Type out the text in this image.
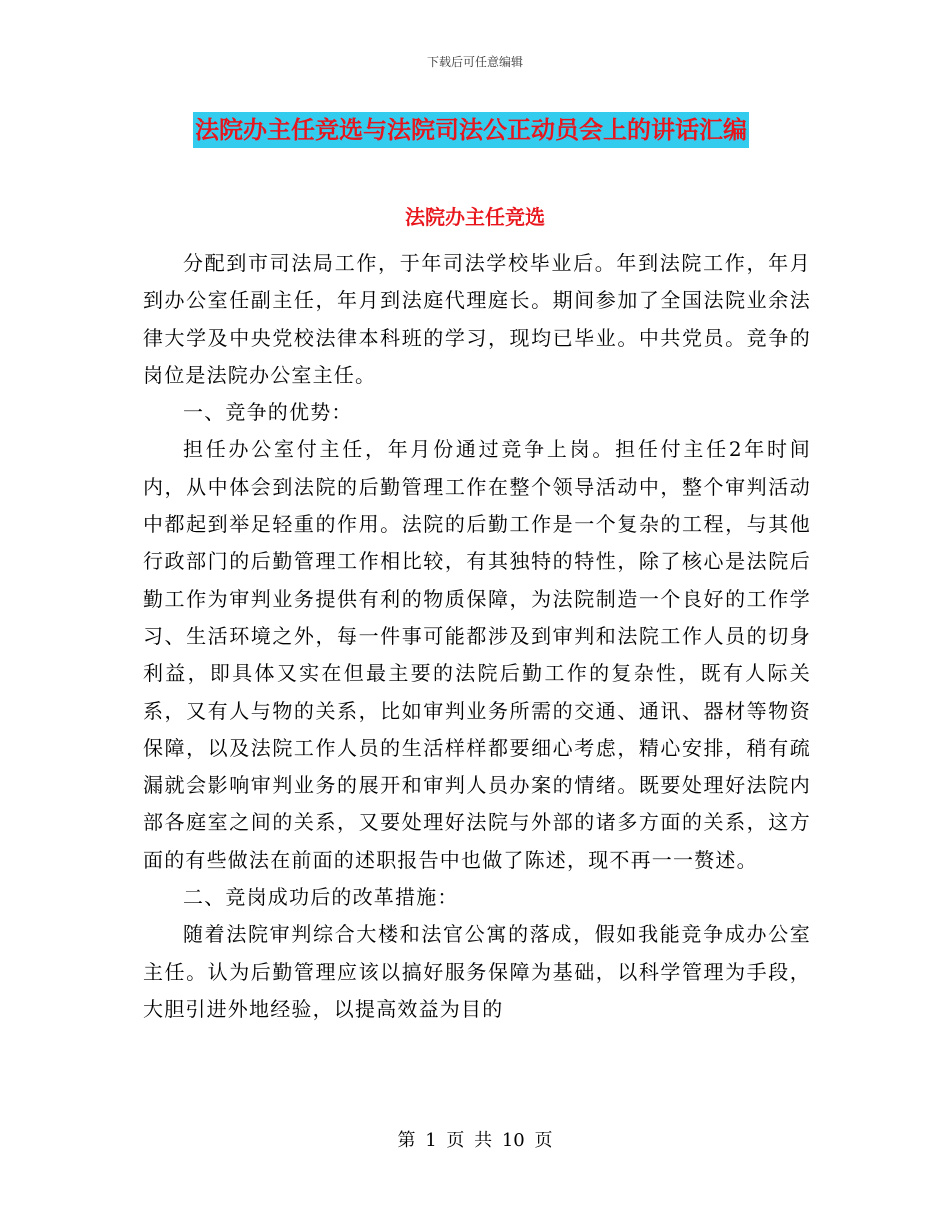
下载后可任意编辑
法院办主任竞选与法院司法公正动员会上的讲话汇编
法院办主任竞选

分配到市司法局工作，于年司法学校毕业后。年到法院工作，年月到办公室任副主任，年月到法庭代理庭长。期间参加了全国法院业余法律大学及中央党校法律本科班的学习，现均已毕业。中共党员。竞争的岗位是法院办公室主任。

一、竞争的优势：

担任办公室付主任，年月份通过竞争上岗。担任付主任2年时间内，从中体会到法院的后勤管理工作在整个领导活动中，整个审判活动中都起到举足轻重的作用。法院的后勤工作是一个复杂的工程，与其他行政部门的后勤管理工作相比较，有其独特的特性，除了核心是法院后勤工作为审判业务提供有利的物质保障，为法院制造一个良好的工作学习、生活环境之外，每一件事可能都涉及到审判和法院工作人员的切身利益，即具体又实在但最主要的法院后勤工作的复杂性，既有人际关系，又有人与物的关系，比如审判业务所需的交通、通讯、器材等物资保障，以及法院工作人员的生活样样都要细心考虑，精心安排，稍有疏漏就会影响审判业务的展开和审判人员办案的情绪。既要处理好法院内部各庭室之间的关系，又要处理好法院与外部的诸多方面的关系，这方面的有些做法在前面的述职报告中也做了陈述，现不再一一赘述。

二、竞岗成功后的改革措施：

随着法院审判综合大楼和法官公寓的落成，假如我能竞争成办公室主任。认为后勤管理应该以搞好服务保障为基础，以科学管理为手段，大胆引进外地经验，以提高效益为目的

第 1 页 共 10 页
